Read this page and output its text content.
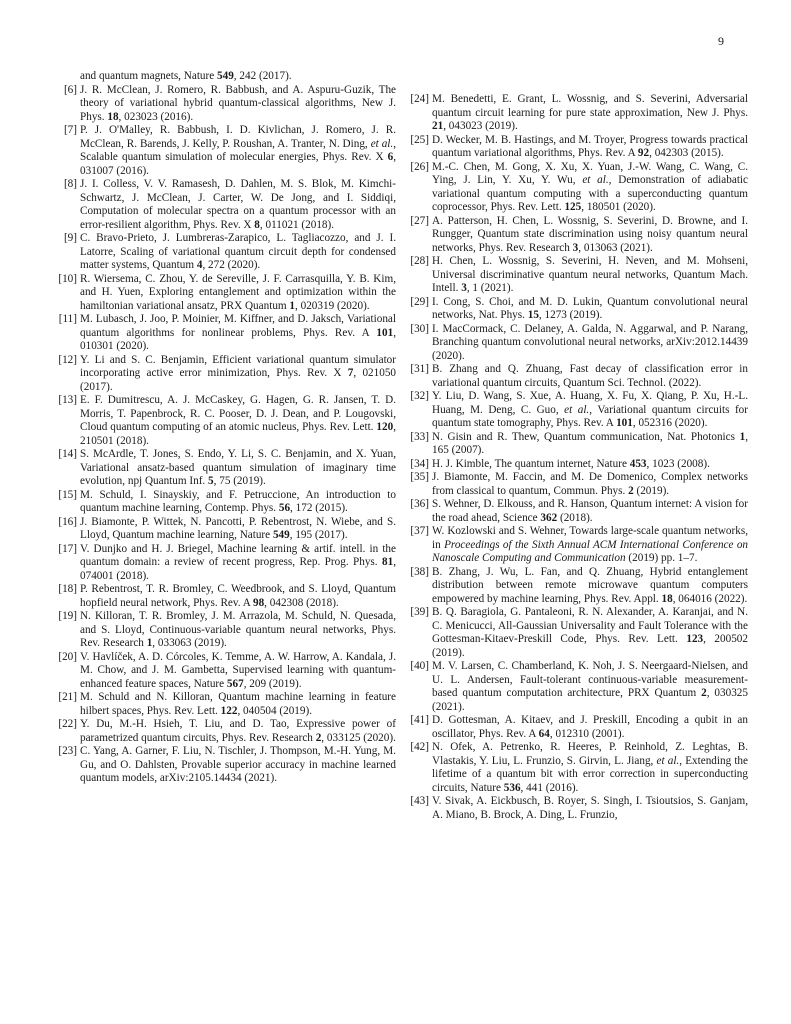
9
and quantum magnets, Nature 549, 242 (2017).
[6] J. R. McClean, J. Romero, R. Babbush, and A. Aspuru-Guzik, The theory of variational hybrid quantum-classical algorithms, New J. Phys. 18, 023023 (2016).
[7] P. J. O'Malley, R. Babbush, I. D. Kivlichan, J. Romero, J. R. McClean, R. Barends, J. Kelly, P. Roushan, A. Tranter, N. Ding, et al., Scalable quantum simulation of molecular energies, Phys. Rev. X 6, 031007 (2016).
[8] J. I. Colless, V. V. Ramasesh, D. Dahlen, M. S. Blok, M. Kimchi-Schwartz, J. McClean, J. Carter, W. De Jong, and I. Siddiqi, Computation of molecular spectra on a quantum processor with an error-resilient algorithm, Phys. Rev. X 8, 011021 (2018).
[9] C. Bravo-Prieto, J. Lumbreras-Zarapico, L. Tagliacozzo, and J. I. Latorre, Scaling of variational quantum circuit depth for condensed matter systems, Quantum 4, 272 (2020).
[10] R. Wiersema, C. Zhou, Y. de Sereville, J. F. Carrasquilla, Y. B. Kim, and H. Yuen, Exploring entanglement and optimization within the hamiltonian variational ansatz, PRX Quantum 1, 020319 (2020).
[11] M. Lubasch, J. Joo, P. Moinier, M. Kiffner, and D. Jaksch, Variational quantum algorithms for nonlinear problems, Phys. Rev. A 101, 010301 (2020).
[12] Y. Li and S. C. Benjamin, Efficient variational quantum simulator incorporating active error minimization, Phys. Rev. X 7, 021050 (2017).
[13] E. F. Dumitrescu, A. J. McCaskey, G. Hagen, G. R. Jansen, T. D. Morris, T. Papenbrock, R. C. Pooser, D. J. Dean, and P. Lougovski, Cloud quantum computing of an atomic nucleus, Phys. Rev. Lett. 120, 210501 (2018).
[14] S. McArdle, T. Jones, S. Endo, Y. Li, S. C. Benjamin, and X. Yuan, Variational ansatz-based quantum simulation of imaginary time evolution, npj Quantum Inf. 5, 75 (2019).
[15] M. Schuld, I. Sinayskiy, and F. Petruccione, An introduction to quantum machine learning, Contemp. Phys. 56, 172 (2015).
[16] J. Biamonte, P. Wittek, N. Pancotti, P. Rebentrost, N. Wiebe, and S. Lloyd, Quantum machine learning, Nature 549, 195 (2017).
[17] V. Dunjko and H. J. Briegel, Machine learning & artif. intell. in the quantum domain: a review of recent progress, Rep. Prog. Phys. 81, 074001 (2018).
[18] P. Rebentrost, T. R. Bromley, C. Weedbrook, and S. Lloyd, Quantum hopfield neural network, Phys. Rev. A 98, 042308 (2018).
[19] N. Killoran, T. R. Bromley, J. M. Arrazola, M. Schuld, N. Quesada, and S. Lloyd, Continuous-variable quantum neural networks, Phys. Rev. Research 1, 033063 (2019).
[20] V. Havlíček, A. D. Córcoles, K. Temme, A. W. Harrow, A. Kandala, J. M. Chow, and J. M. Gambetta, Supervised learning with quantum-enhanced feature spaces, Nature 567, 209 (2019).
[21] M. Schuld and N. Killoran, Quantum machine learning in feature hilbert spaces, Phys. Rev. Lett. 122, 040504 (2019).
[22] Y. Du, M.-H. Hsieh, T. Liu, and D. Tao, Expressive power of parametrized quantum circuits, Phys. Rev. Research 2, 033125 (2020).
[23] C. Yang, A. Garner, F. Liu, N. Tischler, J. Thompson, M.-H. Yung, M. Gu, and O. Dahlsten, Provable superior accuracy in machine learned quantum models, arXiv:2105.14434 (2021).
[24] M. Benedetti, E. Grant, L. Wossnig, and S. Severini, Adversarial quantum circuit learning for pure state approximation, New J. Phys. 21, 043023 (2019).
[25] D. Wecker, M. B. Hastings, and M. Troyer, Progress towards practical quantum variational algorithms, Phys. Rev. A 92, 042303 (2015).
[26] M.-C. Chen, M. Gong, X. Xu, X. Yuan, J.-W. Wang, C. Wang, C. Ying, J. Lin, Y. Xu, Y. Wu, et al., Demonstration of adiabatic variational quantum computing with a superconducting quantum coprocessor, Phys. Rev. Lett. 125, 180501 (2020).
[27] A. Patterson, H. Chen, L. Wossnig, S. Severini, D. Browne, and I. Rungger, Quantum state discrimination using noisy quantum neural networks, Phys. Rev. Research 3, 013063 (2021).
[28] H. Chen, L. Wossnig, S. Severini, H. Neven, and M. Mohseni, Universal discriminative quantum neural networks, Quantum Mach. Intell. 3, 1 (2021).
[29] I. Cong, S. Choi, and M. D. Lukin, Quantum convolutional neural networks, Nat. Phys. 15, 1273 (2019).
[30] I. MacCormack, C. Delaney, A. Galda, N. Aggarwal, and P. Narang, Branching quantum convolutional neural networks, arXiv:2012.14439 (2020).
[31] B. Zhang and Q. Zhuang, Fast decay of classification error in variational quantum circuits, Quantum Sci. Technol. (2022).
[32] Y. Liu, D. Wang, S. Xue, A. Huang, X. Fu, X. Qiang, P. Xu, H.-L. Huang, M. Deng, C. Guo, et al., Variational quantum circuits for quantum state tomography, Phys. Rev. A 101, 052316 (2020).
[33] N. Gisin and R. Thew, Quantum communication, Nat. Photonics 1, 165 (2007).
[34] H. J. Kimble, The quantum internet, Nature 453, 1023 (2008).
[35] J. Biamonte, M. Faccin, and M. De Domenico, Complex networks from classical to quantum, Commun. Phys. 2 (2019).
[36] S. Wehner, D. Elkouss, and R. Hanson, Quantum internet: A vision for the road ahead, Science 362 (2018).
[37] W. Kozlowski and S. Wehner, Towards large-scale quantum networks, in Proceedings of the Sixth Annual ACM International Conference on Nanoscale Computing and Communication (2019) pp. 1–7.
[38] B. Zhang, J. Wu, L. Fan, and Q. Zhuang, Hybrid entanglement distribution between remote microwave quantum computers empowered by machine learning, Phys. Rev. Appl. 18, 064016 (2022).
[39] B. Q. Baragiola, G. Pantaleoni, R. N. Alexander, A. Karanjai, and N. C. Menicucci, All-Gaussian Universality and Fault Tolerance with the Gottesman-Kitaev-Preskill Code, Phys. Rev. Lett. 123, 200502 (2019).
[40] M. V. Larsen, C. Chamberland, K. Noh, J. S. Neergaard-Nielsen, and U. L. Andersen, Fault-tolerant continuous-variable measurement-based quantum computation architecture, PRX Quantum 2, 030325 (2021).
[41] D. Gottesman, A. Kitaev, and J. Preskill, Encoding a qubit in an oscillator, Phys. Rev. A 64, 012310 (2001).
[42] N. Ofek, A. Petrenko, R. Heeres, P. Reinhold, Z. Leghtas, B. Vlastakis, Y. Liu, L. Frunzio, S. Girvin, L. Jiang, et al., Extending the lifetime of a quantum bit with error correction in superconducting circuits, Nature 536, 441 (2016).
[43] V. Sivak, A. Eickbusch, B. Royer, S. Singh, I. Tsioutsios, S. Ganjam, A. Miano, B. Brock, A. Ding, L. Frunzio,
